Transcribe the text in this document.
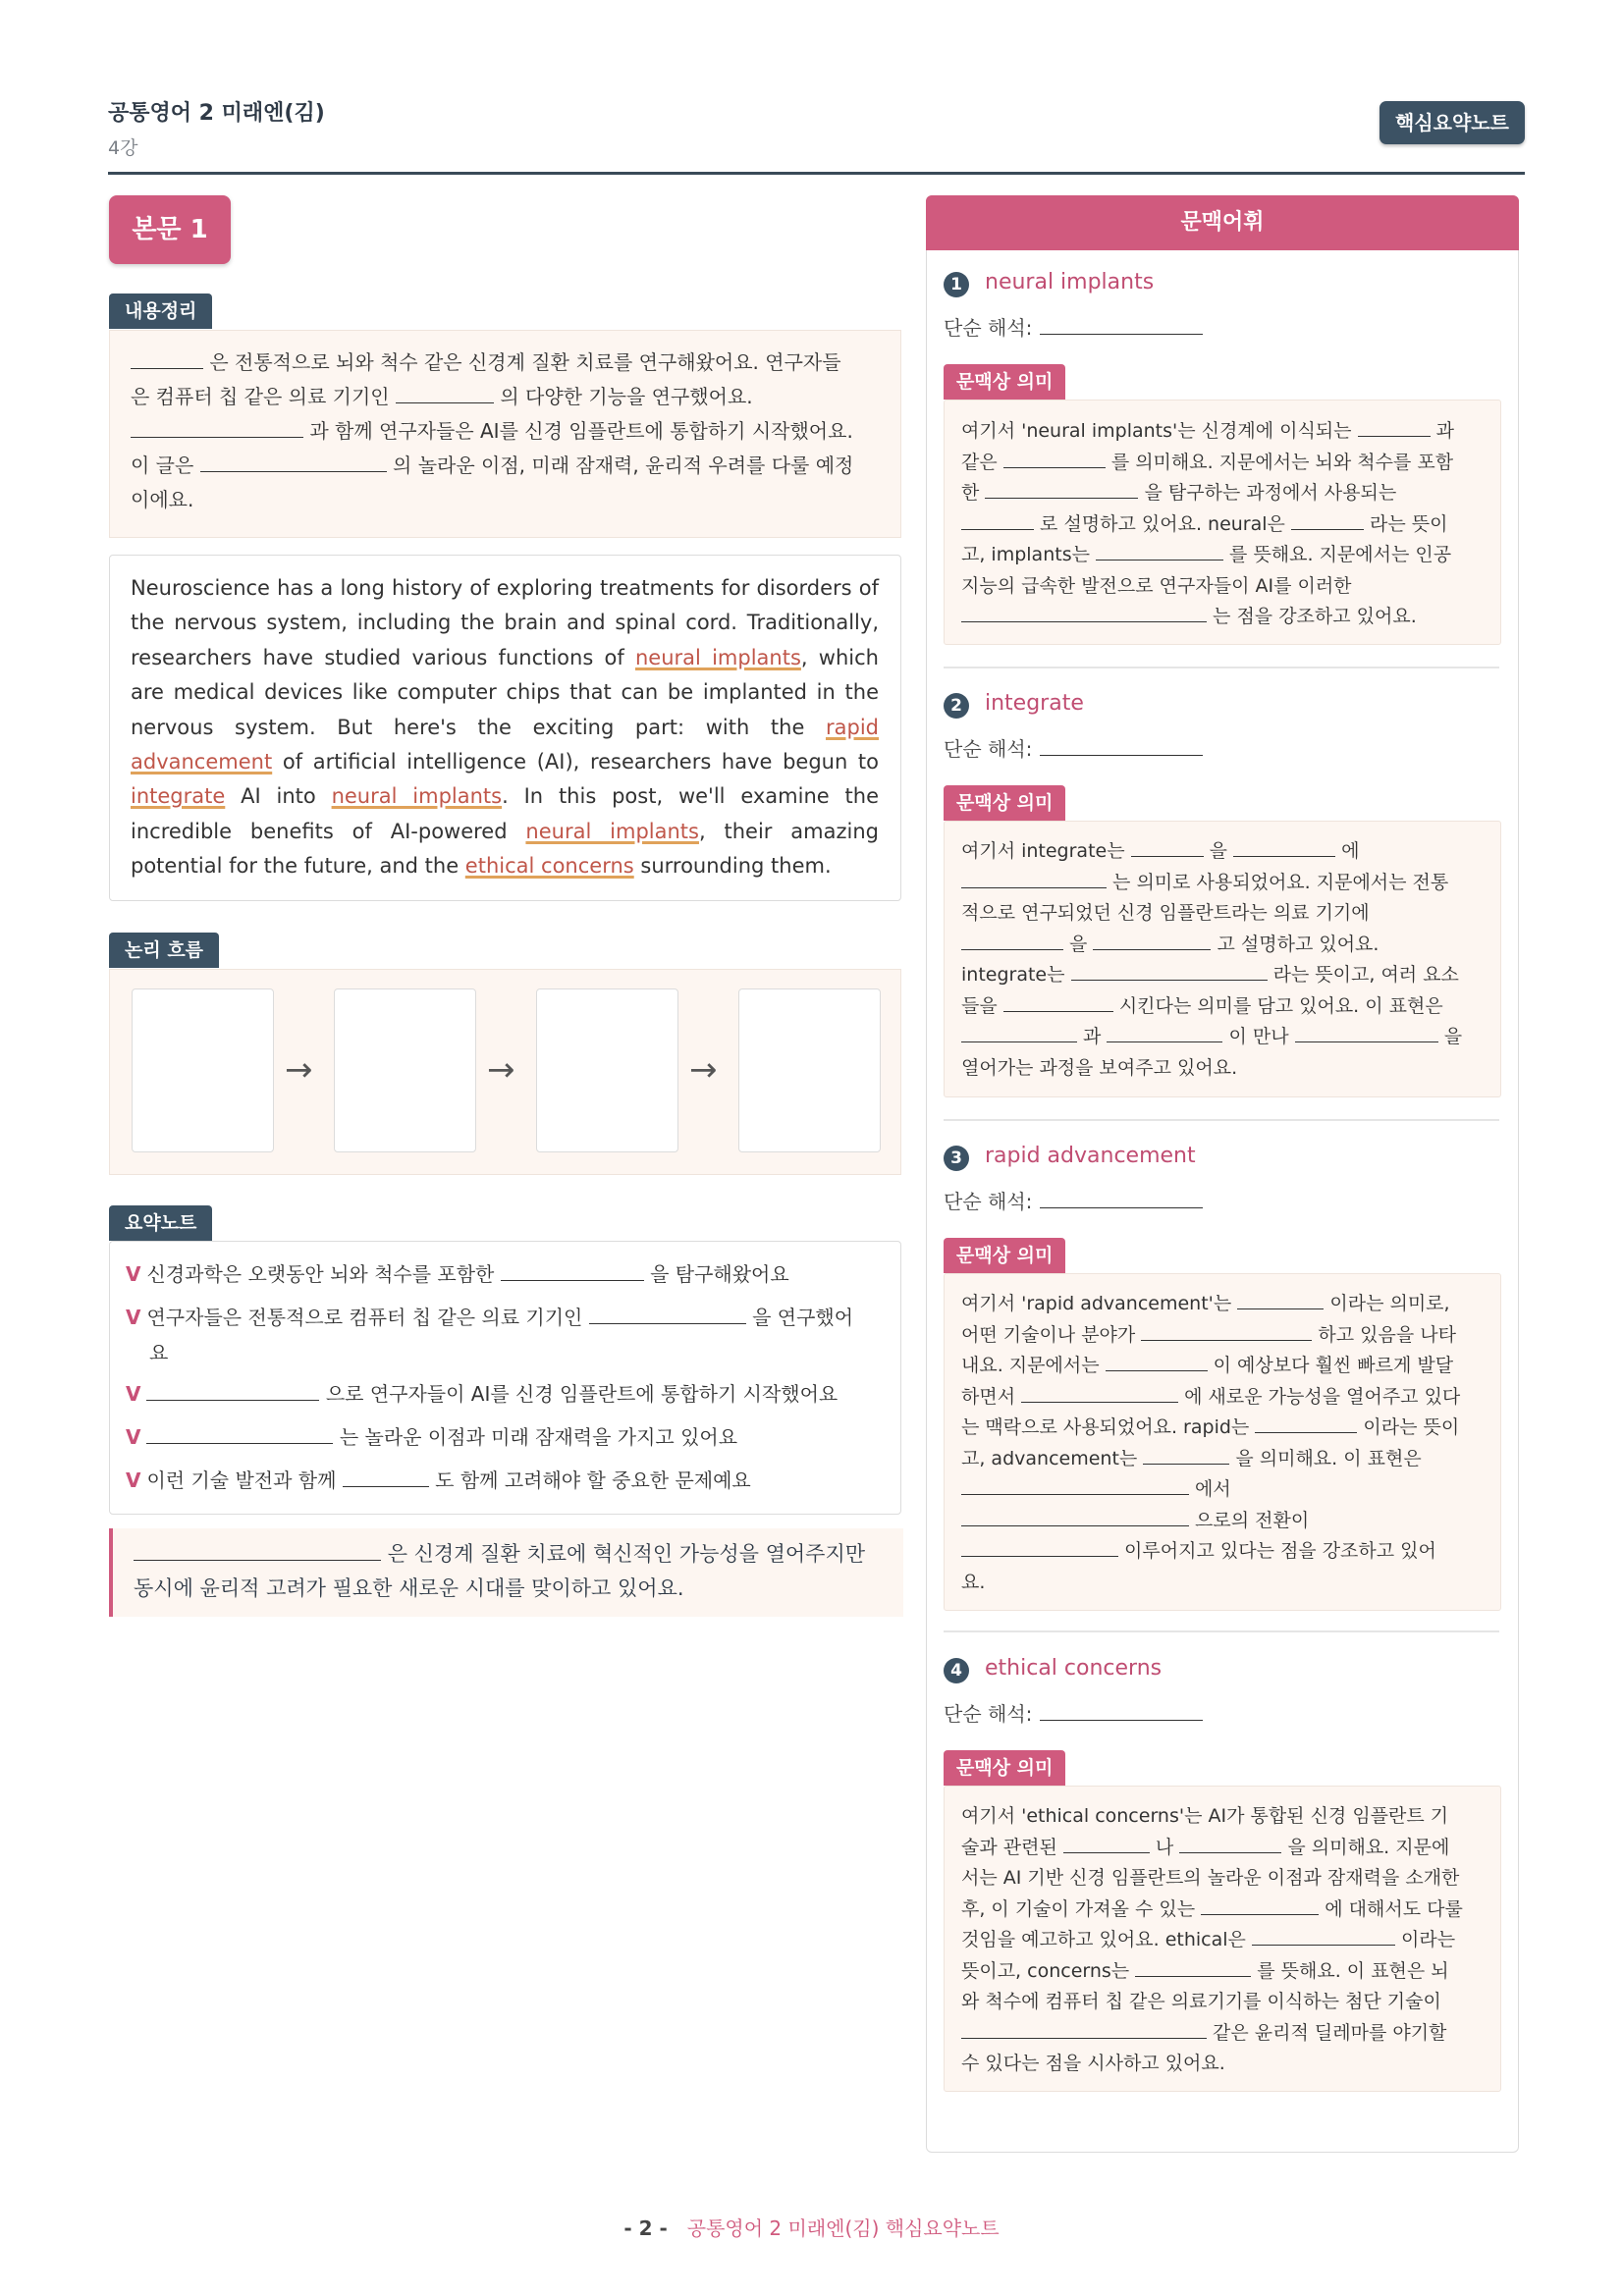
공통영어 2 미래엔(김)
4강
핵심요약노트
본문 1
내용정리
은 전통적으로 뇌와 척수 같은 신경계 질환 치료를 연구해왔어요. 연구자들
은 컴퓨터 칩 같은 의료 기기인	의 다양한 기능을 연구했어요.
과 함께 연구자들은 AI를 신경 임플란트에 통합하기 시작했어요.
이 글은	의 놀라운 이점, 미래 잠재력, 윤리적 우려를 다룰 예정
이에요.
Neuroscience has a long history of exploring treatments for disorders of the nervous system, including the brain and spinal cord. Traditionally, researchers have studied various functions of neural implants, which are medical devices like computer chips that can be implanted in the nervous system. But here's the exciting part: with the rapid advancement of artificial intelligence (AI), researchers have begun to integrate AI into neural implants. In this post, we'll examine the incredible benefits of AI-powered neural implants, their amazing potential for the future, and the ethical concerns surrounding them.
논리 흐름
→	→	→
요약노트
V 신경과학은 오랫동안 뇌와 척수를 포함한	을 탐구해왔어요
V 연구자들은 전통적으로 컴퓨터 칩 같은 의료 기기인	을 연구했어
요
V	으로 연구자들이 AI를 신경 임플란트에 통합하기 시작했어요
V	는 놀라운 이점과 미래 잠재력을 가지고 있어요
V 이런 기술 발전과 함께	도 함께 고려해야 할 중요한 문제예요
은 신경계 질환 치료에 혁신적인 가능성을 열어주지만
동시에 윤리적 고려가 필요한 새로운 시대를 맞이하고 있어요.
문맥어휘
1	neural implants
단순 해석:
문맥상 의미
여기서 'neural implants'는 신경계에 이식되는	과
같은	를 의미해요. 지문에서는 뇌와 척수를 포함
한	을 탐구하는 과정에서 사용되는
로 설명하고 있어요. neural은	라는 뜻이
고, implants는	를 뜻해요. 지문에서는 인공
지능의 급속한 발전으로 연구자들이 AI를 이러한
는 점을 강조하고 있어요.
2	integrate
단순 해석:
문맥상 의미
여기서 integrate는	을	에
는 의미로 사용되었어요. 지문에서는 전통
적으로 연구되었던 신경 임플란트라는 의료 기기에
을	고 설명하고 있어요.
integrate는	라는 뜻이고, 여러 요소
들을	시킨다는 의미를 담고 있어요. 이 표현은
과	이 만나	을
열어가는 과정을 보여주고 있어요.
3	rapid advancement
단순 해석:
문맥상 의미
여기서 'rapid advancement'는	이라는 의미로,
어떤 기술이나 분야가	하고 있음을 나타
내요. 지문에서는	이 예상보다 훨씬 빠르게 발달
하면서	에 새로운 가능성을 열어주고 있다
는 맥락으로 사용되었어요. rapid는	이라는 뜻이
고, advancement는	을 의미해요. 이 표현은
에서
으로의 전환이
이루어지고 있다는 점을 강조하고 있어
요.
4	ethical concerns
단순 해석:
문맥상 의미
여기서 'ethical concerns'는 AI가 통합된 신경 임플란트 기
술과 관련된	나	을 의미해요. 지문에
서는 AI 기반 신경 임플란트의 놀라운 이점과 잠재력을 소개한
후, 이 기술이 가져올 수 있는	에 대해서도 다룰
것임을 예고하고 있어요. ethical은	이라는
뜻이고, concerns는	를 뜻해요. 이 표현은 뇌
와 척수에 컴퓨터 칩 같은 의료기기를 이식하는 첨단 기술이
같은 윤리적 딜레마를 야기할
수 있다는 점을 시사하고 있어요.
- 2 - 공통영어 2 미래엔(김) 핵심요약노트
